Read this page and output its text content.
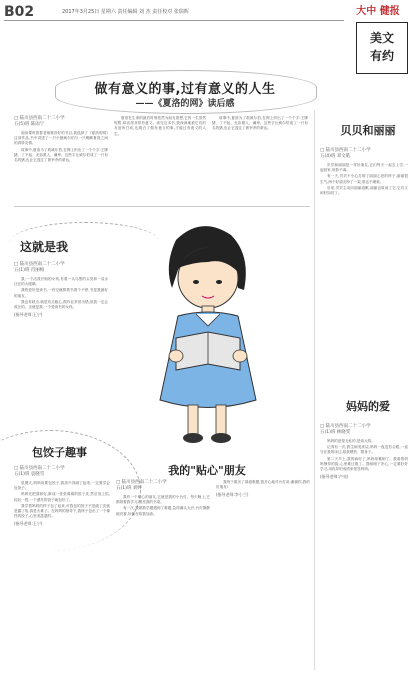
B02	2017年3月25日 星期六 责任编辑 刘 杰 责任校对 张瑞晖	大中 健报
美文
有约
做有意义的事,过有意义的人生
——《夏洛的网》读后感
□ 陆川县西南二十二小学
五(5)班 陈雨宁

阅读课时看着老师推荐好的书目,我选择了《夏洛的网》这部作品,书中讲述了一只小猪威尔伯与一只蜘蛛夏洛之间的真挚友情。

故事中,夏洛为了救威尔伯,在网上织出了一个个字:王牌猪、了不起、光彩照人、谦卑。这些字让威尔伯成了一只有名的猪,也让它逃过了被宰杀的命运。

夏洛在生命的最后时刻依然为朋友着想,它的一生虽然短暂,却活得非常有意义。读完这本书,我深深地被它们的友谊所打动,也明白了做有意义的事,才能过有意义的人生。

故事中,夏洛为了救威尔伯,在网上织出了一个个字:王牌猪、了不起、光彩照人、谦卑。这些字让威尔伯成了一只有名的猪,也让它逃过了被宰杀的命运。	贝贝和丽丽
□ 陆川县西南二十二小学
五(4)班 邓文皓

贝贝和丽丽是一对好朋友,它们每天一起去上学,一起回家,形影不离。

有一天,贝贝不小心打碎了丽丽心爱的杯子,丽丽很生气,两个好朋友吵了一架,谁也不理谁。

后来,贝贝主动向丽丽道歉,丽丽也原谅了它,它们又和好如初了。

这就是我
□ 陆川县西南二十二小学
五(1)班 肖丽梅

我,一个活泼开朗的女孩,有着一头乌黑的头发和一双水汪汪的大眼睛。

我的爱好是读书,一有空就捧着书看个不停,书是我最好的朋友。

我也有缺点,就是有点粗心,做作业常常出错,但我一定会改正的。这就是我,一个爱读书的女孩。

(指导老师:王宁)
妈妈的爱
□ 陆川县西南二十二小学
五(1)班 林晓雯

妈妈的爱是无私的,是伟大的。

记得有一次,我生病发高烧,妈妈一夜没有合眼,一直守在我的床边,给我喂药、擦身子。

第二天早上,我的病好了,妈妈却累倒了。我看着妈妈憔悴的脸,心里难过极了。我暗暗下决心,一定要好好学习,用优异的成绩来报答妈妈。

(指导老师:卢亮)
包饺子趣事
□ 陆川县西南二十二小学
五(1)班 袁晓雪

星期天,妈妈说要包饺子,我高兴得跳了起来,一定要学会包饺子。

妈妈先把面和好,擀成一张张薄薄的饺子皮,然后放上馅,轻轻一捏,一个漂亮的饺子就包好了。

我学着妈妈的样子包了起来,可我包的饺子不是破了皮就是露了馅,真是太难了。在妈妈的指导下,我终于包出了一个像样的饺子,心里美滋滋的。

(指导老师:王宁)
我的"贴心"朋友
□ 陆川县西南二十二小学
五(1)班 刘婷

我有一个贴心的朋友,它就是我的小台灯。每天晚上,它都陪着我学习,照亮我的书桌。

有一次,我做数学题遇到了难题,急得满头大汗,台灯静静地亮着,好像在给我加油。

我终于做出了那道难题,我开心地对台灯说:谢谢你,我的好朋友!

(指导老师:李小兰)
